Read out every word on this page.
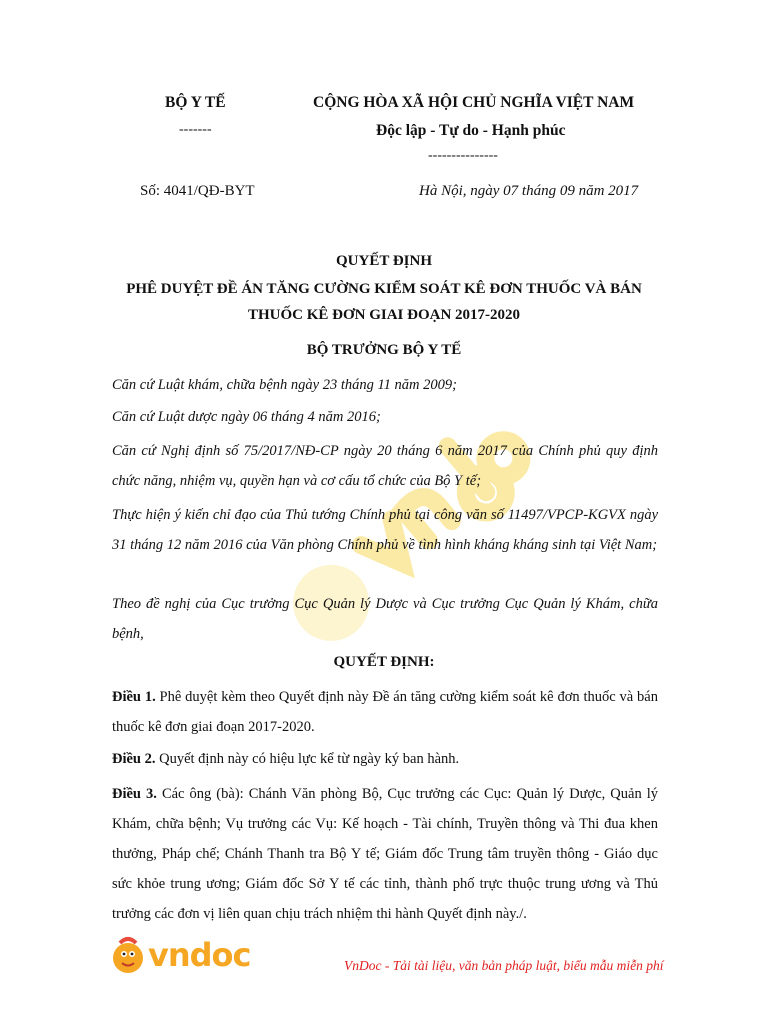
BỘ Y TẾ
-------
CỘNG HÒA XÃ HỘI CHỦ NGHĨA VIỆT NAM
Độc lập - Tự do - Hạnh phúc
---------------
Số: 4041/QĐ-BYT	Hà Nội, ngày 07 tháng 09 năm 2017
QUYẾT ĐỊNH
PHÊ DUYỆT ĐỀ ÁN TĂNG CƯỜNG KIỂM SOÁT KÊ ĐƠN THUỐC VÀ BÁN
THUỐC KÊ ĐƠN GIAI ĐOẠN 2017-2020
BỘ TRƯỞNG BỘ Y TẾ
Căn cứ Luật khám, chữa bệnh ngày 23 tháng 11 năm 2009;
Căn cứ Luật dược ngày 06 tháng 4 năm 2016;
Căn cứ Nghị định số 75/2017/NĐ-CP ngày 20 tháng 6 năm 2017 của Chính phủ quy định chức năng, nhiệm vụ, quyền hạn và cơ cấu tổ chức của Bộ Y tế;
Thực hiện ý kiến chỉ đạo của Thủ tướng Chính phủ tại công văn số 11497/VPCP-KGVX ngày 31 tháng 12 năm 2016 của Văn phòng Chính phủ về tình hình kháng kháng sinh tại Việt Nam;
Theo đề nghị của Cục trưởng Cục Quản lý Dược và Cục trưởng Cục Quản lý Khám, chữa bệnh,
QUYẾT ĐỊNH:
Điều 1. Phê duyệt kèm theo Quyết định này Đề án tăng cường kiểm soát kê đơn thuốc và bán thuốc kê đơn giai đoạn 2017-2020.
Điều 2. Quyết định này có hiệu lực kể từ ngày ký ban hành.
Điều 3. Các ông (bà): Chánh Văn phòng Bộ, Cục trưởng các Cục: Quản lý Dược, Quản lý Khám, chữa bệnh; Vụ trưởng các Vụ: Kế hoạch - Tài chính, Truyền thông và Thi đua khen thưởng, Pháp chế; Chánh Thanh tra Bộ Y tế; Giám đốc Trung tâm truyền thông - Giáo dục sức khỏe trung ương; Giám đốc Sở Y tế các tỉnh, thành phố trực thuộc trung ương và Thủ trưởng các đơn vị liên quan chịu trách nhiệm thi hành Quyết định này./.
vndoc	VnDoc - Tải tài liệu, văn bản pháp luật, biểu mẫu miễn phí
